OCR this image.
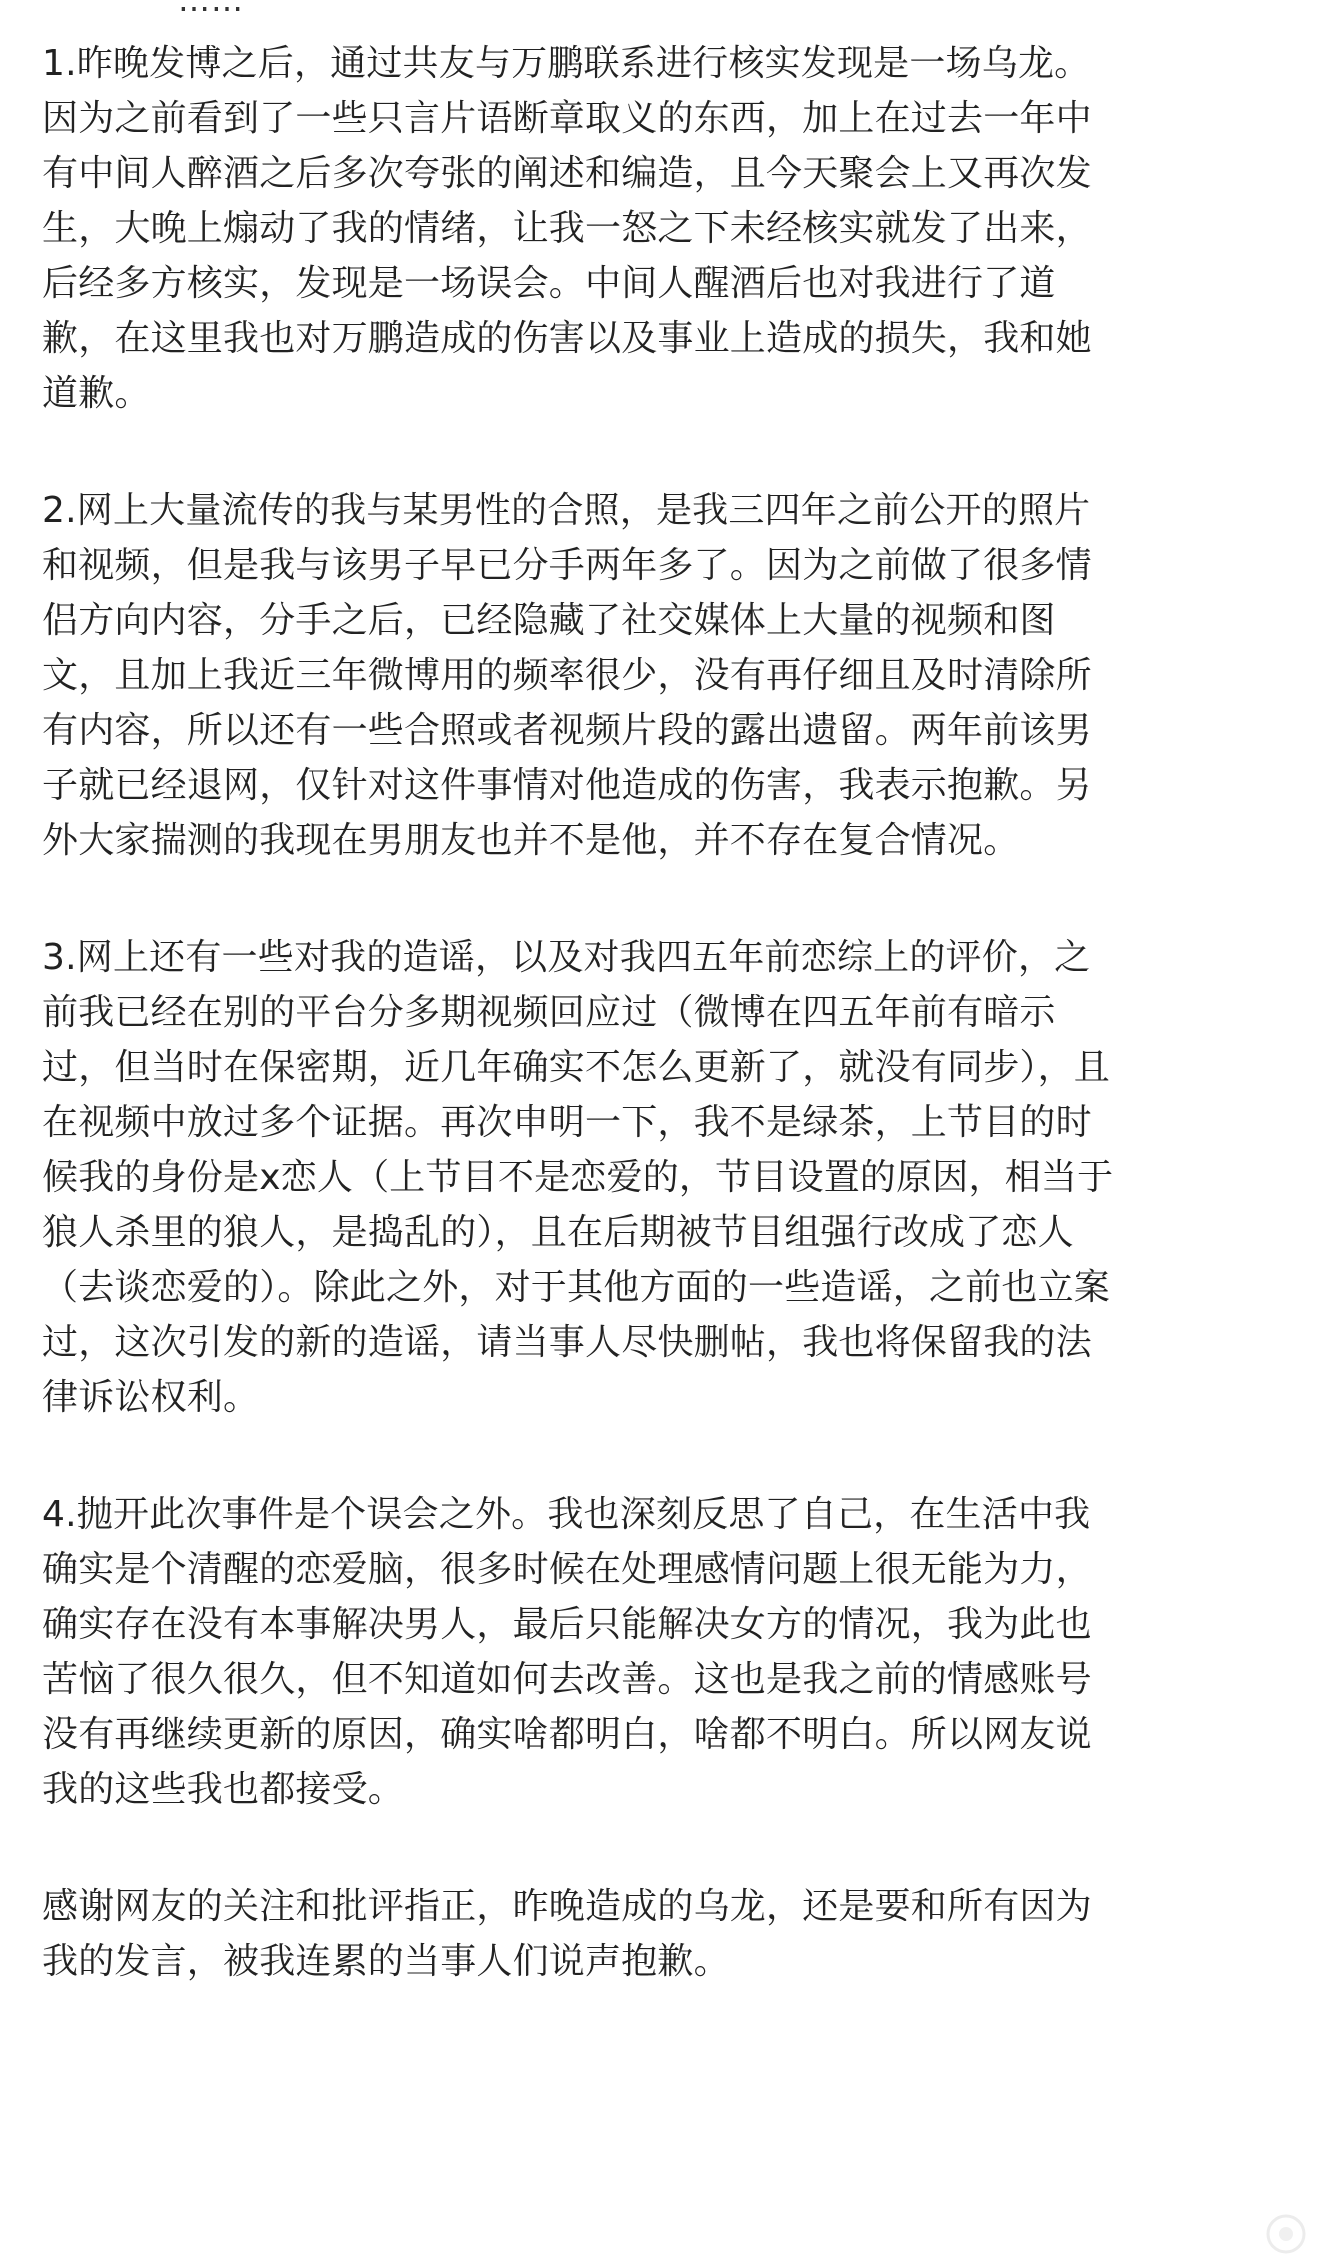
……
1.昨晚发博之后，通过共友与万鹏联系进行核实发现是一场乌龙。
因为之前看到了一些只言片语断章取义的东西，加上在过去一年中
有中间人醉酒之后多次夸张的阐述和编造，且今天聚会上又再次发
生，大晚上煽动了我的情绪，让我一怒之下未经核实就发了出来，
后经多方核实，发现是一场误会。中间人醒酒后也对我进行了道
歉，在这里我也对万鹏造成的伤害以及事业上造成的损失，我和她
道歉。
2.网上大量流传的我与某男性的合照，是我三四年之前公开的照片
和视频，但是我与该男子早已分手两年多了。因为之前做了很多情
侣方向内容，分手之后，已经隐藏了社交媒体上大量的视频和图
文，且加上我近三年微博用的频率很少，没有再仔细且及时清除所
有内容，所以还有一些合照或者视频片段的露出遗留。两年前该男
子就已经退网，仅针对这件事情对他造成的伤害，我表示抱歉。另
外大家揣测的我现在男朋友也并不是他，并不存在复合情况。
3.网上还有一些对我的造谣，以及对我四五年前恋综上的评价，之
前我已经在别的平台分多期视频回应过（微博在四五年前有暗示
过，但当时在保密期，近几年确实不怎么更新了，就没有同步），且
在视频中放过多个证据。再次申明一下，我不是绿茶，上节目的时
候我的身份是x恋人（上节目不是恋爱的，节目设置的原因，相当于
狼人杀里的狼人，是捣乱的），且在后期被节目组强行改成了恋人
（去谈恋爱的）。除此之外，对于其他方面的一些造谣，之前也立案
过，这次引发的新的造谣，请当事人尽快删帖，我也将保留我的法
律诉讼权利。
4.抛开此次事件是个误会之外。我也深刻反思了自己，在生活中我
确实是个清醒的恋爱脑，很多时候在处理感情问题上很无能为力，
确实存在没有本事解决男人，最后只能解决女方的情况，我为此也
苦恼了很久很久，但不知道如何去改善。这也是我之前的情感账号
没有再继续更新的原因，确实啥都明白，啥都不明白。所以网友说
我的这些我也都接受。
感谢网友的关注和批评指正，昨晚造成的乌龙，还是要和所有因为
我的发言，被我连累的当事人们说声抱歉。
